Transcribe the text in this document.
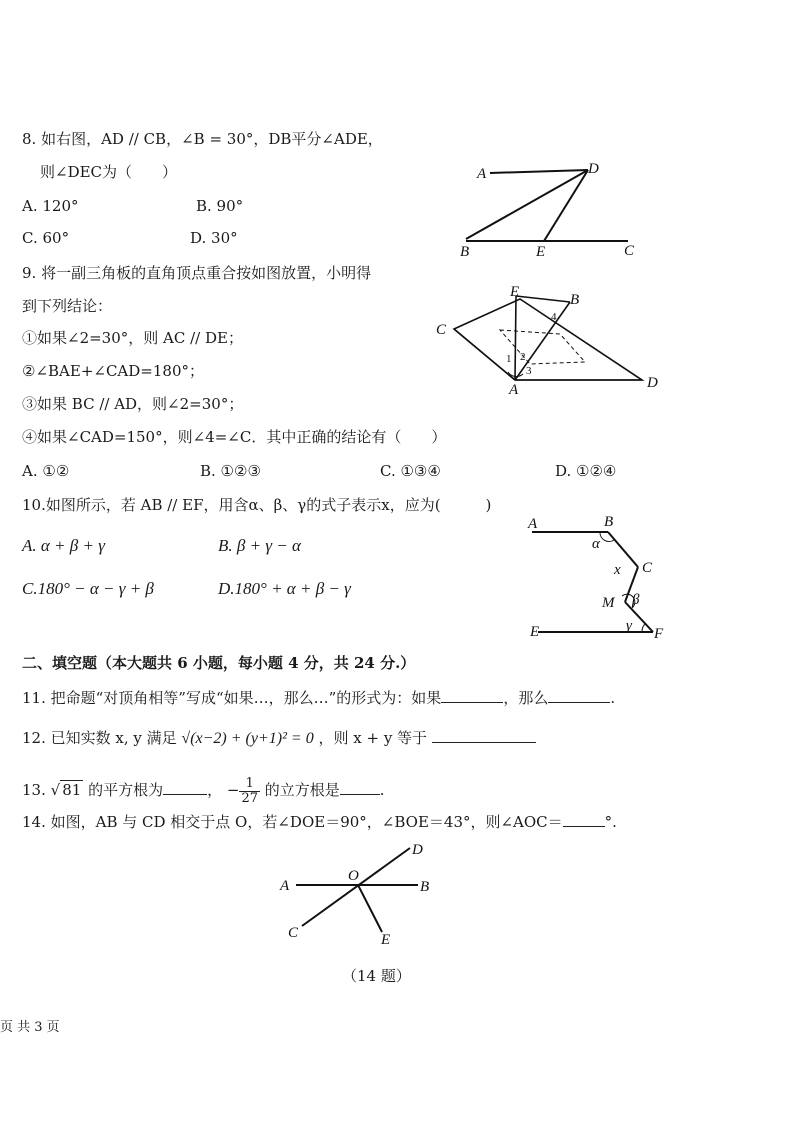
8. 如右图，AD // CB，∠B = 30°，DB平分∠ADE，
则∠DEC为（　　）
A. 120°	B. 90°
C. 60°	D. 30°
A	D
B	E	C
9. 将一副三角板的直角顶点重合按如图放置，小明得
到下列结论：
①如果∠2=30°，则 AC // DE；
②∠BAE+∠CAD=180°；
③如果 BC // AD，则∠2=30°；
④如果∠CAD=150°，则∠4=∠C．其中正确的结论有（　　）
A. ①②	B. ①②③	C. ①③④	D. ①②④
E	B
C
A	D
1 2
3
4
10.如图所示，若 AB // EF，用含α、β、γ的式子表示x，应为(　　　)
A. α + β + γ	B. β + γ − α
C.180° − α − γ + β	D.180° + α + β − γ
A	B
C
M
E	F
α
β
γ
x
二、填空题（本大题共 6 小题，每小题 4 分，共 24 分.）
11. 把命题“对顶角相等”写成“如果…，那么…”的形式为：如果	，那么	.
12. 已知实数 x, y 满足 √(x−2) + (y+1)² = 0 ，则 x + y 等于
13. √ 81 的平方根为	， − $\frac{1}{27}$ 的立方根是	.
14. 如图，AB 与 CD 相交于点 O，若∠DOE＝90°，∠BOE＝43°，则∠AOC＝	°.
A
O
B
C
D
E
（14 题）
页 共 3 页
